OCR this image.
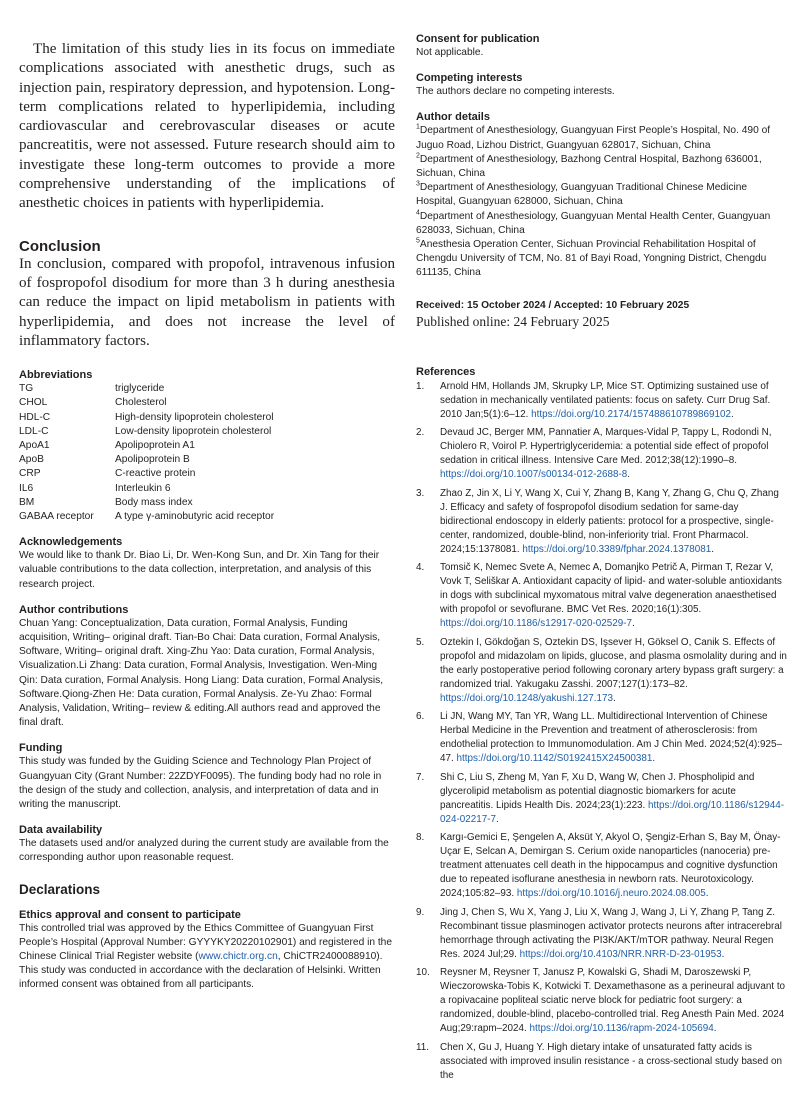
The limitation of this study lies in its focus on immediate complications associated with anesthetic drugs, such as injection pain, respiratory depression, and hypotension. Long-term complications related to hyperlipidemia, including cardiovascular and cerebrovascular diseases or acute pancreatitis, were not assessed. Future research should aim to investigate these long-term outcomes to provide a more comprehensive understanding of the implications of anesthetic choices in patients with hyperlipidemia.

Conclusion

In conclusion, compared with propofol, intravenous infusion of fospropofol disodium for more than 3 h during anesthesia can reduce the impact on lipid metabolism in patients with hyperlipidemia, and does not increase the level of inflammatory factors.

Abbreviations

TG	triglyceride
CHOL	Cholesterol
HDL-C	High-density lipoprotein cholesterol
LDL-C	Low-density lipoprotein cholesterol
ApoA1	Apolipoprotein A1
ApoB	Apolipoprotein B
CRP	C-reactive protein
IL6	Interleukin 6
BM	Body mass index
GABAA receptor	A type γ-aminobutyric acid receptor

Acknowledgements

We would like to thank Dr. Biao Li, Dr. Wen-Kong Sun, and Dr. Xin Tang for their valuable contributions to the data collection, interpretation, and analysis of this research project.

Author contributions

Chuan Yang: Conceptualization, Data curation, Formal Analysis, Funding acquisition, Writing– original draft. Tian-Bo Chai: Data curation, Formal Analysis, Software, Writing– original draft. Xing-Zhu Yao: Data curation, Formal Analysis, Visualization.Li Zhang: Data curation, Formal Analysis, Investigation. Wen-Ming Qin: Data curation, Formal Analysis. Hong Liang: Data curation, Formal Analysis, Software.Qiong-Zhen He: Data curation, Formal Analysis. Ze-Yu Zhao: Formal Analysis, Validation, Writing– review & editing.All authors read and approved the final draft.

Funding

This study was funded by the Guiding Science and Technology Plan Project of Guangyuan City (Grant Number: 22ZDYF0095). The funding body had no role in the design of the study and collection, analysis, and interpretation of data and in writing the manuscript.

Data availability

The datasets used and/or analyzed during the current study are available from the corresponding author upon reasonable request.

Declarations

Ethics approval and consent to participate

This controlled trial was approved by the Ethics Committee of Guangyuan First People’s Hospital (Approval Number: GYYYKY20220102901) and registered in the Chinese Clinical Trial Register website (www.chictr.org.cn, ChiCTR2400088910). This study was conducted in accordance with the declaration of Helsinki. Written informed consent was obtained from all participants.

Consent for publication

Not applicable.

Competing interests

The authors declare no competing interests.

Author details

$^1$Department of Anesthesiology, Guangyuan First People’s Hospital, No. 490 of Juguo Road, Lizhou District, Guangyuan 628017, Sichuan, China

$^2$Department of Anesthesiology, Bazhong Central Hospital, Bazhong 636001, Sichuan, China

$^3$Department of Anesthesiology, Guangyuan Traditional Chinese Medicine Hospital, Guangyuan 628000, Sichuan, China

$^4$Department of Anesthesiology, Guangyuan Mental Health Center, Guangyuan 628033, Sichuan, China

$^5$Anesthesia Operation Center, Sichuan Provincial Rehabilitation Hospital of Chengdu University of TCM, No. 81 of Bayi Road, Yongning District, Chengdu 611135, China

Received: 15 October 2024 / Accepted: 10 February 2025

Published online: 24 February 2025

References

1.	Arnold HM, Hollands JM, Skrupky LP, Mice ST. Optimizing sustained use of sedation in mechanically ventilated patients: focus on safety. Curr Drug Saf. 2010 Jan;5(1):6–12. https://doi.org/10.2174/157488610789869102.
2.	Devaud JC, Berger MM, Pannatier A, Marques-Vidal P, Tappy L, Rodondi N, Chiolero R, Voirol P. Hypertriglyceridemia: a potential side effect of propofol sedation in critical illness. Intensive Care Med. 2012;38(12):1990–8. https://doi.org/10.1007/s00134-012-2688-8.
3.	Zhao Z, Jin X, Li Y, Wang X, Cui Y, Zhang B, Kang Y, Zhang G, Chu Q, Zhang J. Efficacy and safety of fospropofol disodium sedation for same-day bidirectional endoscopy in elderly patients: protocol for a prospective, single-center, randomized, double-blind, non-inferiority trial. Front Pharmacol. 2024;15:1378081. https://doi.org/10.3389/fphar.2024.1378081.
4.	Tomsič K, Nemec Svete A, Nemec A, Domanjko Petrič A, Pirman T, Rezar V, Vovk T, Seliškar A. Antioxidant capacity of lipid- and water-soluble antioxidants in dogs with subclinical myxomatous mitral valve degeneration anaesthetised with propofol or sevoflurane. BMC Vet Res. 2020;16(1):305. https://doi.org/10.1186/s12917-020-02529-7.
5.	Oztekin I, Gökdoğan S, Oztekin DS, Işsever H, Göksel O, Canik S. Effects of propofol and midazolam on lipids, glucose, and plasma osmolality during and in the early postoperative period following coronary artery bypass graft surgery: a randomized trial. Yakugaku Zasshi. 2007;127(1):173–82. https://doi.org/10.1248/yakushi.127.173.
6.	Li JN, Wang MY, Tan YR, Wang LL. Multidirectional Intervention of Chinese Herbal Medicine in the Prevention and treatment of atherosclerosis: from endothelial protection to Immunomodulation. Am J Chin Med. 2024;52(4):925–47. https://doi.org/10.1142/S0192415X24500381.
7.	Shi C, Liu S, Zheng M, Yan F, Xu D, Wang W, Chen J. Phospholipid and glycerolipid metabolism as potential diagnostic biomarkers for acute pancreatitis. Lipids Health Dis. 2024;23(1):223. https://doi.org/10.1186/s12944-024-02217-7.
8.	Kargı-Gemici E, Şengelen A, Aksüt Y, Akyol O, Şengiz-Erhan S, Bay M, Önay-Uçar E, Selcan A, Demirgan S. Cerium oxide nanoparticles (nanoceria) pre-treatment attenuates cell death in the hippocampus and cognitive dysfunction due to repeated isoflurane anesthesia in newborn rats. Neurotoxicology. 2024;105:82–93. https://doi.org/10.1016/j.neuro.2024.08.005.
9.	Jing J, Chen S, Wu X, Yang J, Liu X, Wang J, Wang J, Li Y, Zhang P, Tang Z. Recombinant tissue plasminogen activator protects neurons after intracerebral hemorrhage through activating the PI3K/AKT/mTOR pathway. Neural Regen Res. 2024 Jul;29. https://doi.org/10.4103/NRR.NRR-D-23-01953.
10.	Reysner M, Reysner T, Janusz P, Kowalski G, Shadi M, Daroszewski P, Wieczorowska-Tobis K, Kotwicki T. Dexamethasone as a perineural adjuvant to a ropivacaine popliteal sciatic nerve block for pediatric foot surgery: a randomized, double-blind, placebo-controlled trial. Reg Anesth Pain Med. 2024 Aug;29:rapm–2024. https://doi.org/10.1136/rapm-2024-105694.
11.	Chen X, Gu J, Huang Y. High dietary intake of unsaturated fatty acids is associated with improved insulin resistance - a cross-sectional study based on the
